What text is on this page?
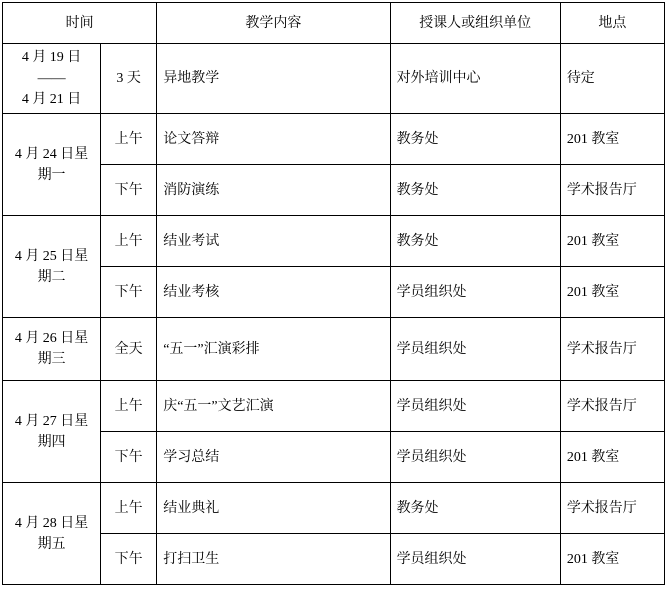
时间		教学内容	授课人或组织单位	地点

4 月 19 日
——
4 月 21 日	3 天	异地教学	对外培训中心	待定

4 月 24 日星
期一	上午	论文答辩	教务处	201 教室
	下午	消防演练	教务处	学术报告厅

4 月 25 日星
期二	上午	结业考试	教务处	201 教室
	下午	结业考核	学员组织处	201 教室

4 月 26 日星
期三	全天	“五一”汇演彩排	学员组织处	学术报告厅

4 月 27 日星
期四	上午	庆“五一”文艺汇演	学员组织处	学术报告厅
	下午	学习总结	学员组织处	201 教室

4 月 28 日星
期五	上午	结业典礼	教务处	学术报告厅
	下午	打扫卫生	学员组织处	201 教室
